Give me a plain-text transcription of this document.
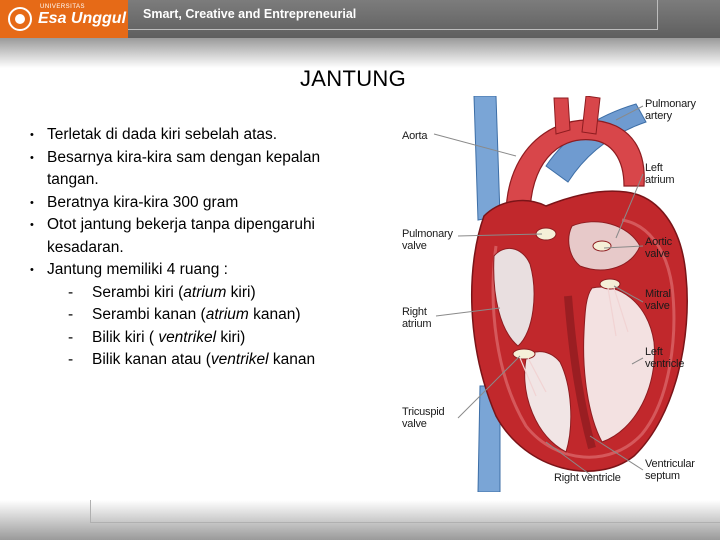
UNIVERSITAS
Esa Unggul Smart, Creative and Entrepreneurial
JANTUNG
• Terletak di dada kiri sebelah atas.
• Besarnya kira-kira sam dengan kepalan
tangan.
• Beratnya kira-kira 300 gram
• Otot jantung bekerja tanpa dipengaruhi
kesadaran.
• Jantung memiliki 4 ruang :
-	Serambi kiri (atrium kiri)
-	Serambi kanan (atrium kanan)
-	Bilik kiri ( ventrikel kiri)
-	Bilik kanan atau (ventrikel kanan
Aorta
Pulmonary
valve
Right
atrium
Tricuspid
valve
Right ventricle
Pulmonary
artery
Left
atrium
Aortic
valve
Mitral
valve
Left
ventricle
Ventricular
septum
